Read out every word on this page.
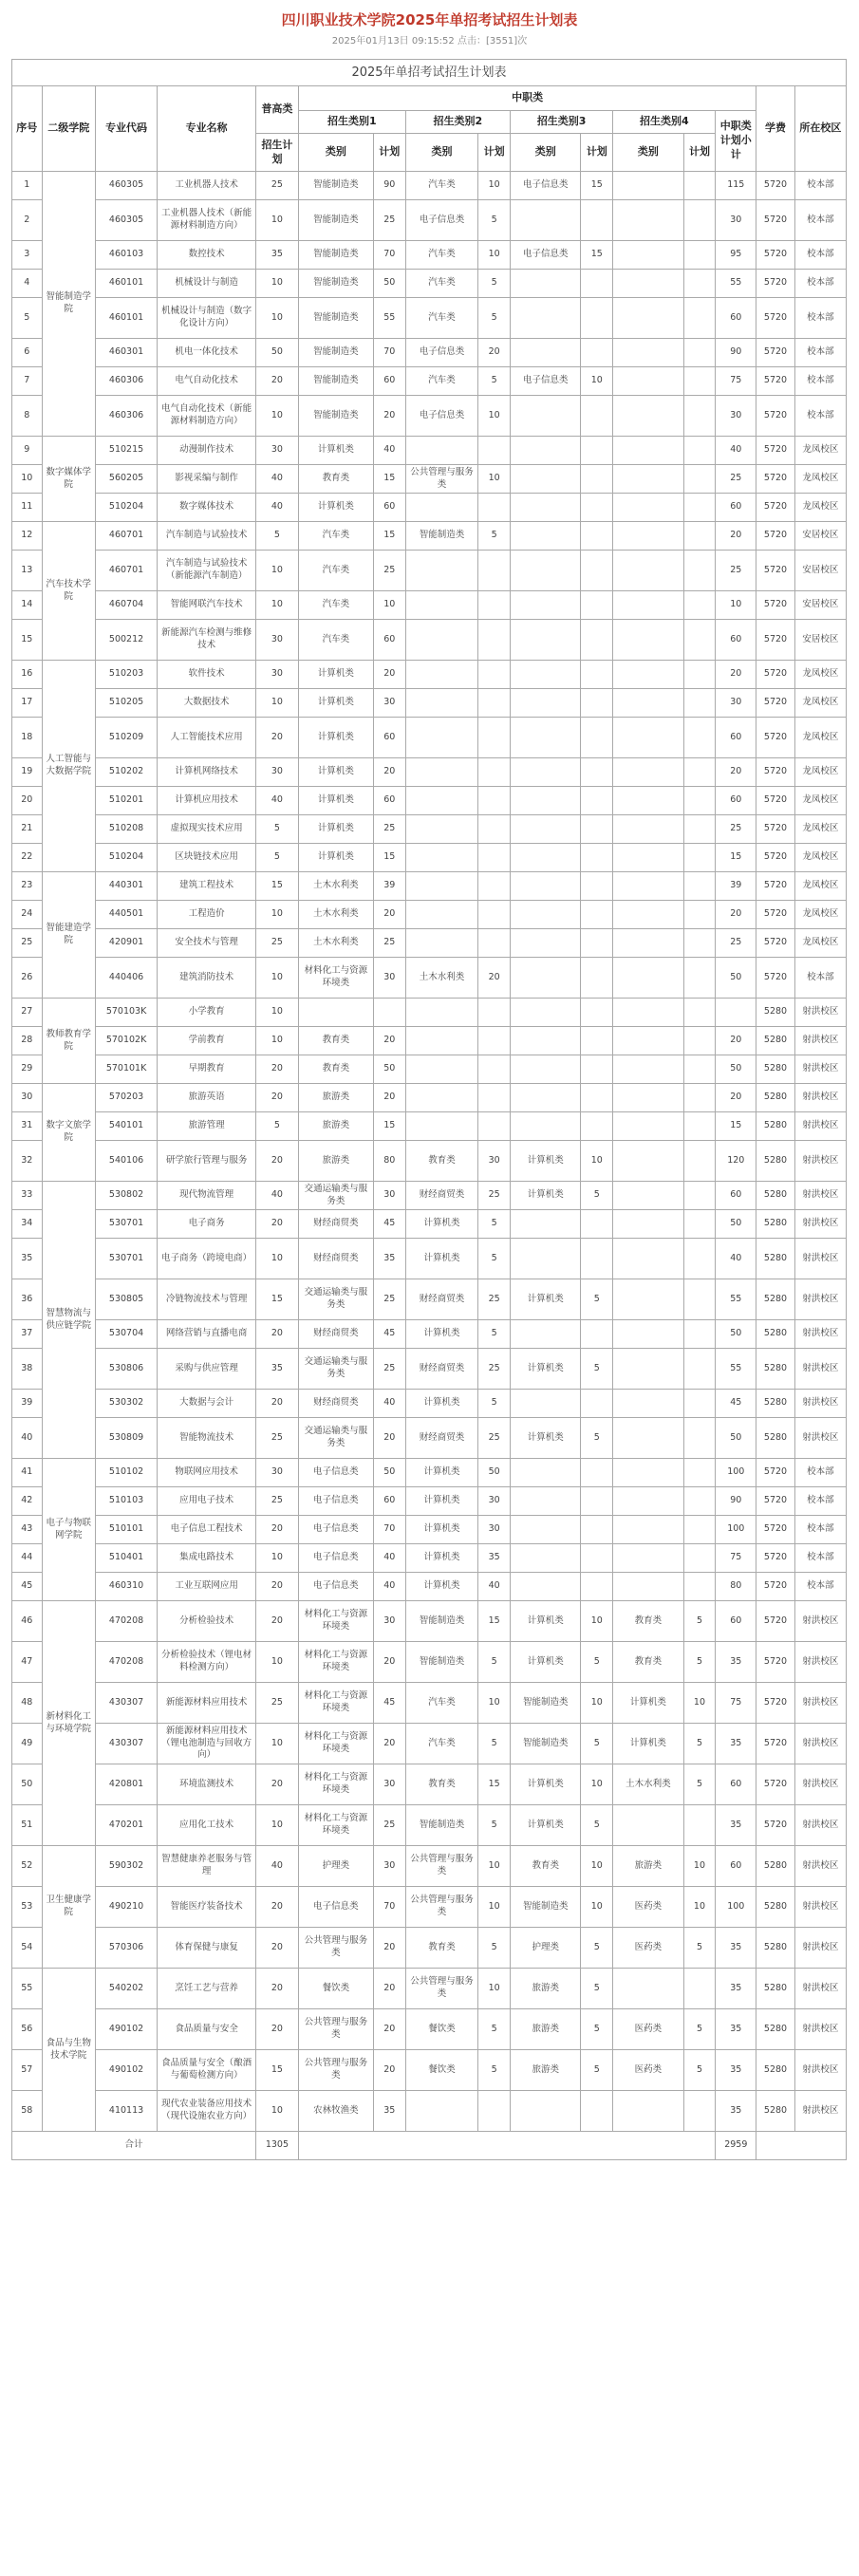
四川职业技术学院2025年单招考试招生计划表
2025年01月13日 09:15:52 点击：[3551]次
2025年单招考试招生计划表
序号	二级学院	专业代码	专业名称	普高类	中职类									学费	所在校区
					招生类别1		招生类别2		招生类别3		招生类别4		中职类计划小计		
				招生计划	类别	计划	类别	计划	类别	计划	类别	计划			
1	智能制造学院	460305	工业机器人技术	25	智能制造类	90	汽车类	10	电子信息类	15			115	5720	校本部
2		460305	工业机器人技术（新能源材料制造方向）	10	智能制造类	25	电子信息类	5					30	5720	校本部
3		460103	数控技术	35	智能制造类	70	汽车类	10	电子信息类	15			95	5720	校本部
4		460101	机械设计与制造	10	智能制造类	50	汽车类	5					55	5720	校本部
5		460101	机械设计与制造（数字化设计方向）	10	智能制造类	55	汽车类	5					60	5720	校本部
6		460301	机电一体化技术	50	智能制造类	70	电子信息类	20					90	5720	校本部
7		460306	电气自动化技术	20	智能制造类	60	汽车类	5	电子信息类	10			75	5720	校本部
8		460306	电气自动化技术（新能源材料制造方向）	10	智能制造类	20	电子信息类	10					30	5720	校本部
9	数字媒体学院	510215	动漫制作技术	30	计算机类	40							40	5720	龙凤校区
10		560205	影视采编与制作	40	教育类	15	公共管理与服务类	10					25	5720	龙凤校区
11		510204	数字媒体技术	40	计算机类	60							60	5720	龙凤校区
12	汽车技术学院	460701	汽车制造与试验技术	5	汽车类	15	智能制造类	5					20	5720	安居校区
13		460701	汽车制造与试验技术（新能源汽车制造）	10	汽车类	25							25	5720	安居校区
14		460704	智能网联汽车技术	10	汽车类	10							10	5720	安居校区
15		500212	新能源汽车检测与维修技术	30	汽车类	60							60	5720	安居校区
16	人工智能与大数据学院	510203	软件技术	30	计算机类	20							20	5720	龙凤校区
17		510205	大数据技术	10	计算机类	30							30	5720	龙凤校区
18		510209	人工智能技术应用	20	计算机类	60							60	5720	龙凤校区
19		510202	计算机网络技术	30	计算机类	20							20	5720	龙凤校区
20		510201	计算机应用技术	40	计算机类	60							60	5720	龙凤校区
21		510208	虚拟现实技术应用	5	计算机类	25							25	5720	龙凤校区
22		510204	区块链技术应用	5	计算机类	15							15	5720	龙凤校区
23	智能建造学院	440301	建筑工程技术	15	土木水利类	39							39	5720	龙凤校区
24		440501	工程造价	10	土木水利类	20							20	5720	龙凤校区
25		420901	安全技术与管理	25	土木水利类	25							25	5720	龙凤校区
26		440406	建筑消防技术	10	材料化工与资源环境类	30	土木水利类	20					50	5720	校本部
27	教师教育学院	570103K	小学教育	10										5280	射洪校区
28		570102K	学前教育	10	教育类	20							20	5280	射洪校区
29		570101K	早期教育	20	教育类	50							50	5280	射洪校区
30	数字文旅学院	570203	旅游英语	20	旅游类	20							20	5280	射洪校区
31		540101	旅游管理	5	旅游类	15							15	5280	射洪校区
32		540106	研学旅行管理与服务	20	旅游类	80	教育类	30	计算机类	10			120	5280	射洪校区
33	智慧物流与供应链学院	530802	现代物流管理	40	交通运输类与服务类	30	财经商贸类	25	计算机类	5			60	5280	射洪校区
34		530701	电子商务	20	财经商贸类	45	计算机类	5					50	5280	射洪校区
35		530701	电子商务（跨境电商）	10	财经商贸类	35	计算机类	5					40	5280	射洪校区
36		530805	冷链物流技术与管理	15	交通运输类与服务类	25	财经商贸类	25	计算机类	5			55	5280	射洪校区
37		530704	网络营销与直播电商	20	财经商贸类	45	计算机类	5					50	5280	射洪校区
38		530806	采购与供应管理	35	交通运输类与服务类	25	财经商贸类	25	计算机类	5			55	5280	射洪校区
39		530302	大数据与会计	20	财经商贸类	40	计算机类	5					45	5280	射洪校区
40		530809	智能物流技术	25	交通运输类与服务类	20	财经商贸类	25	计算机类	5			50	5280	射洪校区
41	电子与物联网学院	510102	物联网应用技术	30	电子信息类	50	计算机类	50					100	5720	校本部
42		510103	应用电子技术	25	电子信息类	60	计算机类	30					90	5720	校本部
43		510101	电子信息工程技术	20	电子信息类	70	计算机类	30					100	5720	校本部
44		510401	集成电路技术	10	电子信息类	40	计算机类	35					75	5720	校本部
45		460310	工业互联网应用	20	电子信息类	40	计算机类	40					80	5720	校本部
46	新材料化工与环境学院	470208	分析检验技术	20	材料化工与资源环境类	30	智能制造类	15	计算机类	10	教育类	5	60	5720	射洪校区
47		470208	分析检验技术（锂电材料检测方向）	10	材料化工与资源环境类	20	智能制造类	5	计算机类	5	教育类	5	35	5720	射洪校区
48		430307	新能源材料应用技术	25	材料化工与资源环境类	45	汽车类	10	智能制造类	10	计算机类	10	75	5720	射洪校区
49		430307	新能源材料应用技术（锂电池制造与回收方向）	10	材料化工与资源环境类	20	汽车类	5	智能制造类	5	计算机类	5	35	5720	射洪校区
50		420801	环境监测技术	20	材料化工与资源环境类	30	教育类	15	计算机类	10	土木水利类	5	60	5720	射洪校区
51		470201	应用化工技术	10	材料化工与资源环境类	25	智能制造类	5	计算机类	5			35	5720	射洪校区
52	卫生健康学院	590302	智慧健康养老服务与管理	40	护理类	30	公共管理与服务类	10	教育类	10	旅游类	10	60	5280	射洪校区
53		490210	智能医疗装备技术	20	电子信息类	70	公共管理与服务类	10	智能制造类	10	医药类	10	100	5280	射洪校区
54		570306	体育保健与康复	20	公共管理与服务类	20	教育类	5	护理类	5	医药类	5	35	5280	射洪校区
55	食品与生物技术学院	540202	烹饪工艺与营养	20	餐饮类	20	公共管理与服务类	10	旅游类	5			35	5280	射洪校区
56		490102	食品质量与安全	20	公共管理与服务类	20	餐饮类	5	旅游类	5	医药类	5	35	5280	射洪校区
57		490102	食品质量与安全（酿酒与葡萄检测方向）	15	公共管理与服务类	20	餐饮类	5	旅游类	5	医药类	5	35	5280	射洪校区
58		410113	现代农业装备应用技术（现代设施农业方向）	10	农林牧渔类	35							35	5280	射洪校区
合计				1305									2959		
